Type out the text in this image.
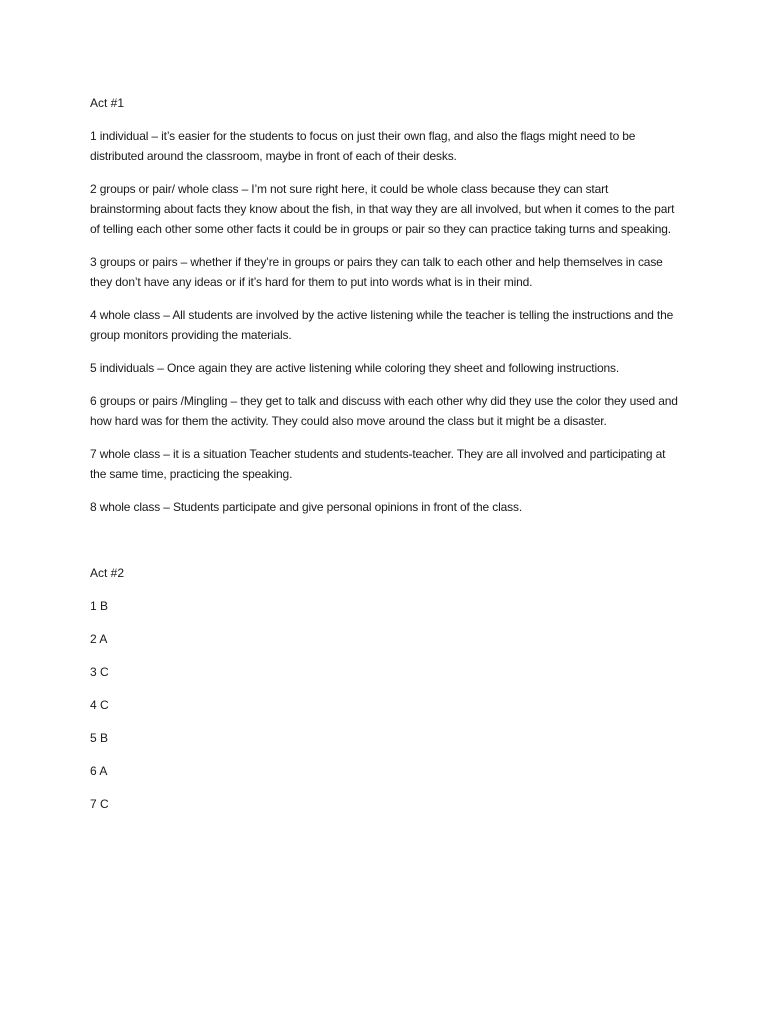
Act #1
1 individual – it’s easier for the students to focus on just their own flag, and also the flags might need to be distributed around the classroom, maybe in front of each of their desks.
2 groups or pair/ whole class – I’m not sure right here, it could be whole class because they can start brainstorming about facts they know about the fish, in that way they are all involved, but when it comes to the part of telling each other some other facts it could be in groups or pair so they can practice taking turns and speaking.
3 groups or pairs – whether if they’re in groups or pairs they can talk to each other and help themselves in case they don’t have any ideas or if it’s hard for them to put into words what is in their mind.
4 whole class – All students are involved by the active listening while the teacher is telling the instructions and the group monitors providing the materials.
5 individuals – Once again they are active listening while coloring they sheet and following instructions.
6 groups or pairs /Mingling – they get to talk and discuss with each other why did they use the color they used and how hard was for them the activity. They could also move around the class but it might be a disaster.
7 whole class – it is a situation Teacher students and students-teacher. They are all involved and participating at the same time, practicing the speaking.
8 whole class – Students participate and give personal opinions in front of the class.
Act #2
1 B
2 A
3 C
4 C
5 B
6 A
7 C
